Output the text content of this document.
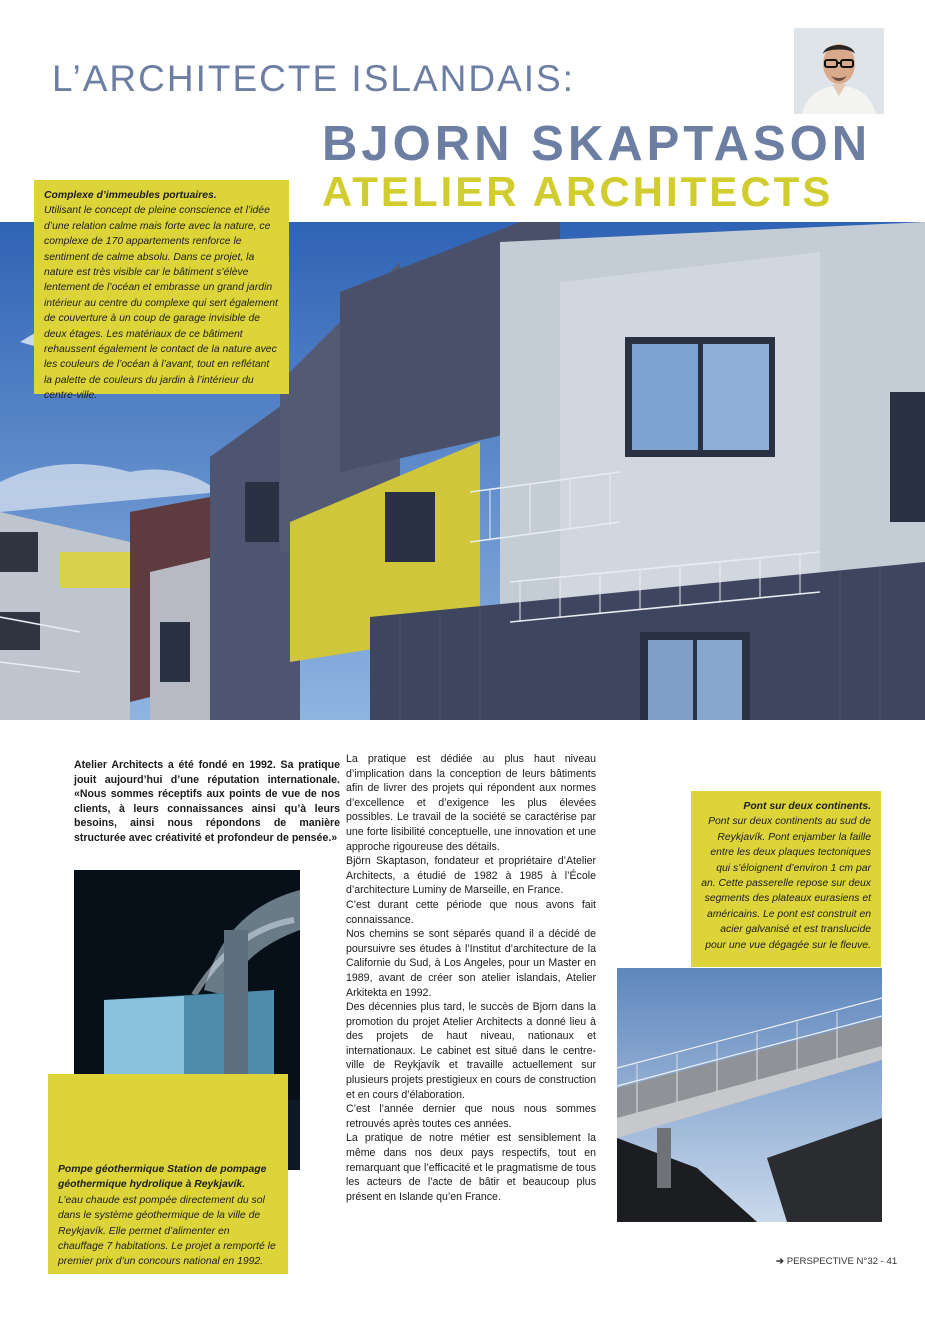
L’ARCHITECTE ISLANDAIS:
BJORN SKAPTASON
ATELIER ARCHITECTS
Complexe d’immeubles portuaires.
Utilisant le concept de pleine conscience et l’idée d’une relation calme mais forte avec la nature, ce complexe de 170 appartements renforce le sentiment de calme absolu. Dans ce projet, la nature est très visible car le bâtiment s’élève lentement de l’océan et embrasse un grand jardin intérieur au centre du complexe qui sert également de couverture à un coup de garage invisible de deux étages. Les matériaux de ce bâtiment rehaussent également le contact de la nature avec les couleurs de l’océan à l’avant, tout en reflétant la palette de couleurs du jardin à l’intérieur du centre-ville.
Atelier Architects a été fondé en 1992. Sa pratique jouit aujourd’hui d’une réputation internationale. «Nous sommes réceptifs aux points de vue de nos clients, à leurs connaissances ainsi qu’à leurs besoins, ainsi nous répondons de manière structurée avec créativité et profondeur de pensée.»
Pompe géothermique Station de pompage géothermique hydrolique à Reykjavík.
L’eau chaude est pompée directement du sol dans le système géothermique de la ville de Reykjavík. Elle permet d’alimenter en chauffage 7 habitations. Le projet a remporté le premier prix d’un concours national en 1992.

La pratique est dédiée au plus haut niveau d’implication dans la conception de leurs bâtiments afin de livrer des projets qui répondent aux normes d’excellence et d’exigence les plus élevées possibles. Le travail de la société se caractérise par une forte lisibilité conceptuelle, une innovation et une approche rigoureuse des détails.

Björn Skaptason, fondateur et propriétaire d’Atelier Architects, a étudié de 1982 à 1985 à l’École d’architecture Luminy de Marseille, en France.

C’est durant cette période que nous avons fait connaissance.

Nos chemins se sont séparés quand il a décidé de poursuivre ses études à l’Institut d’architecture de la Californie du Sud, à Los Angeles, pour un Master en 1989, avant de créer son atelier islandais, Atelier Arkitekta en 1992.

Des décennies plus tard, le succès de Bjorn dans la promotion du projet Atelier Architects a donné lieu à des projets de haut niveau, nationaux et internationaux. Le cabinet est situé dans le centre-ville de Reykjavík et travaille actuellement sur plusieurs projets prestigieux en cours de construction et en cours d’élaboration.

C’est l’année dernier que nous nous sommes retrouvés après toutes ces années.

La pratique de notre métier est sensiblement la même dans nos deux pays respectifs, tout en remarquant que l’efficacité et le pragmatisme de tous les acteurs de l’acte de bâtir et beaucoup plus présent en Islande qu’en France.

Pont sur deux continents.
Pont sur deux continents au sud de Reykjavík. Pont enjamber la faille entre les deux plaques tectoniques qui s’éloignent d’environ 1 cm par an. Cette passerelle repose sur deux segments des plateaux eurasiens et américains. Le pont est construit en acier galvanisé et est translucide pour une vue dégagée sur le fleuve.
➔ PERSPECTIVE N°32 - 41
